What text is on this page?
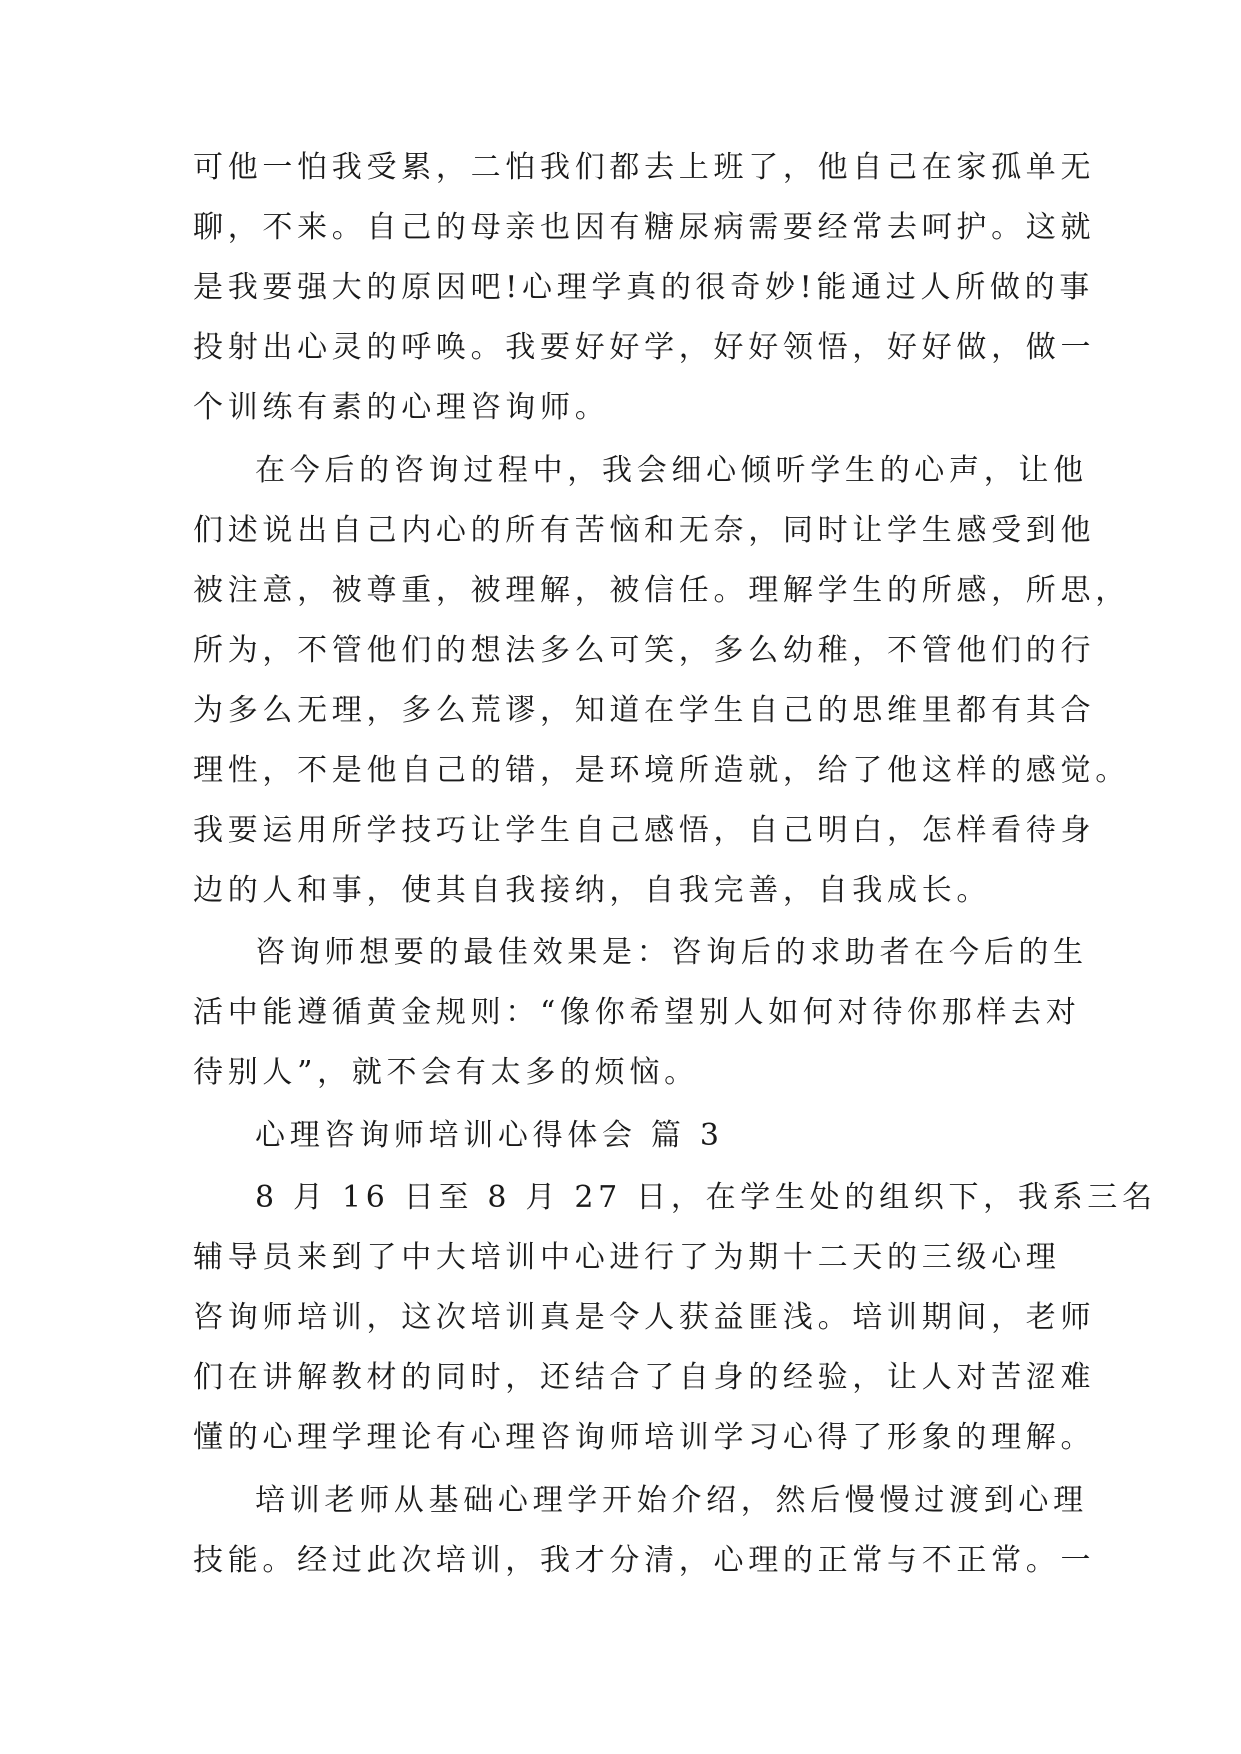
可他一怕我受累，二怕我们都去上班了，他自己在家孤单无

聊，不来。自己的母亲也因有糖尿病需要经常去呵护。这就

是我要强大的原因吧!心理学真的很奇妙!能通过人所做的事

投射出心灵的呼唤。我要好好学，好好领悟，好好做，做一

个训练有素的心理咨询师。

在今后的咨询过程中，我会细心倾听学生的心声，让他

们述说出自己内心的所有苦恼和无奈，同时让学生感受到他

被注意，被尊重，被理解，被信任。理解学生的所感，所思，

所为，不管他们的想法多么可笑，多么幼稚，不管他们的行

为多么无理，多么荒谬，知道在学生自己的思维里都有其合

理性，不是他自己的错，是环境所造就，给了他这样的感觉。

我要运用所学技巧让学生自己感悟，自己明白，怎样看待身

边的人和事，使其自我接纳，自我完善，自我成长。

咨询师想要的最佳效果是：咨询后的求助者在今后的生

活中能遵循黄金规则：“像你希望别人如何对待你那样去对

待别人”，就不会有太多的烦恼。

心理咨询师培训心得体会 篇 3

8 月 16 日至 8 月 27 日，在学生处的组织下，我系三名

辅导员来到了中大培训中心进行了为期十二天的三级心理

咨询师培训，这次培训真是令人获益匪浅。培训期间，老师

们在讲解教材的同时，还结合了自身的经验，让人对苦涩难

懂的心理学理论有心理咨询师培训学习心得了形象的理解。

培训老师从基础心理学开始介绍，然后慢慢过渡到心理

技能。经过此次培训，我才分清，心理的正常与不正常。一
